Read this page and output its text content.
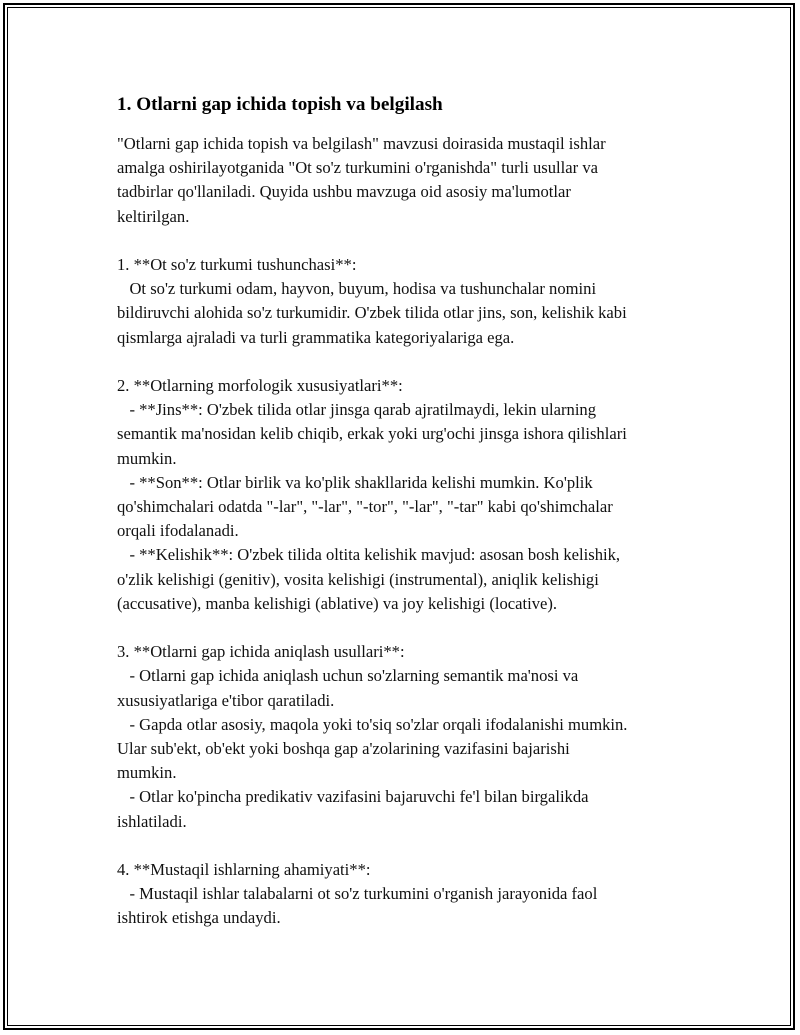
1. Otlarni gap ichida topish va belgilash
"Otlarni gap ichida topish va belgilash" mavzusi doirasida mustaqil ishlar
amalga oshirilayotganida "Ot so'z turkumini o'rganishda" turli usullar va
tadbirlar qo'llaniladi. Quyida ushbu mavzuga oid asosiy ma'lumotlar
keltirilgan.
1. **Ot so'z turkumi tushunchasi**:
Ot so'z turkumi odam, hayvon, buyum, hodisa va tushunchalar nomini
bildiruvchi alohida so'z turkumidir. O'zbek tilida otlar jins, son, kelishik kabi
qismlarga ajraladi va turli grammatika kategoriyalariga ega.
2. **Otlarning morfologik xususiyatlari**:
- **Jins**: O'zbek tilida otlar jinsga qarab ajratilmaydi, lekin ularning
semantik ma'nosidan kelib chiqib, erkak yoki urg'ochi jinsga ishora qilishlari
mumkin.
- **Son**: Otlar birlik va ko'plik shakllarida kelishi mumkin. Ko'plik
qo'shimchalari odatda "-lar", "-lar", "-tor", "-lar", "-tar" kabi qo'shimchalar
orqali ifodalanadi.
- **Kelishik**: O'zbek tilida oltita kelishik mavjud: asosan bosh kelishik,
o'zlik kelishigi (genitiv), vosita kelishigi (instrumental), aniqlik kelishigi
(accusative), manba kelishigi (ablative) va joy kelishigi (locative).
3. **Otlarni gap ichida aniqlash usullari**:
- Otlarni gap ichida aniqlash uchun so'zlarning semantik ma'nosi va
xususiyatlariga e'tibor qaratiladi.
- Gapda otlar asosiy, maqola yoki to'siq so'zlar orqali ifodalanishi mumkin.
Ular sub'ekt, ob'ekt yoki boshqa gap a'zolarining vazifasini bajarishi
mumkin.
- Otlar ko'pincha predikativ vazifasini bajaruvchi fe'l bilan birgalikda
ishlatiladi.
4. **Mustaqil ishlarning ahamiyati**:
- Mustaqil ishlar talabalarni ot so'z turkumini o'rganish jarayonida faol
ishtirok etishga undaydi.
